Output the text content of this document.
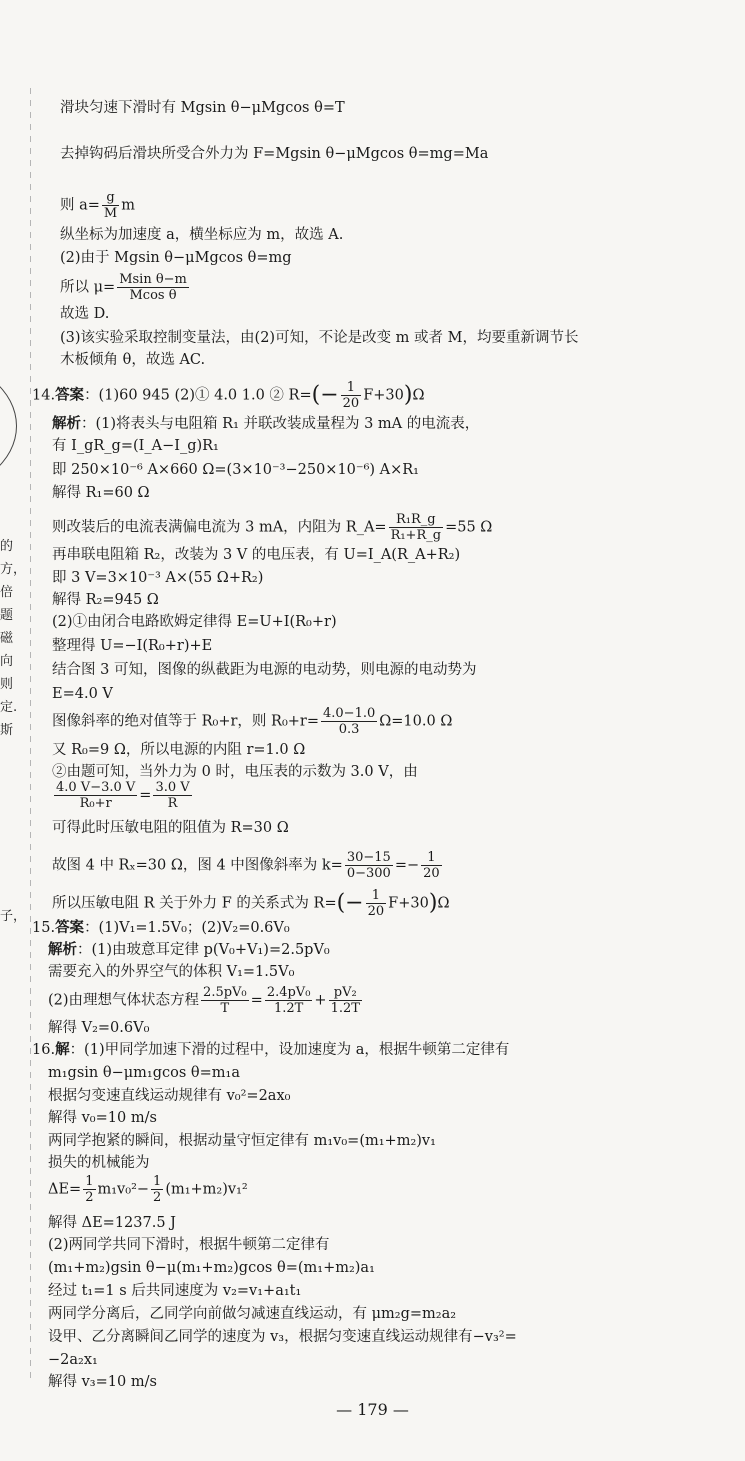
的方，倍题磁向则定.斯
子，
滑块匀速下滑时有 Mgsin θ−μMgcos θ=T
去掉钩码后滑块所受合外力为 F=Mgsin θ−μMgcos θ=mg=Ma
则 $a= \frac{g}{M}$ m
纵坐标为加速度 a，横坐标应为 m，故选 A.
(2)由于 Mgsin θ−μMgcos θ=mg
所以 $\mu= \frac{\text{Msin θ−m}}{\text{Mcos θ}}$
故选 D.
(3)该实验采取控制变量法，由(2)可知，不论是改变 m 或者 M，均要重新调节长
木板倾角 θ，故选 AC.
14.答案：(1)60 945 (2)① 4.0 1.0 ② $R=(- \frac{1}{20} F+30)\Omega$
解析：(1)将表头与电阻箱 R₁ 并联改装成量程为 3 mA 的电流表，
有 I_gR_g=(I_A−I_g)R₁
即 250×10⁻⁶ A×660 Ω=(3×10⁻³−250×10⁻⁶) A×R₁
解得 R₁=60 Ω
则改装后的电流表满偏电流为 3 mA，内阻为 R_A= $\frac{\text{R₁R\_g}}{\text{R₁+R\_g}} =55$ Ω
再串联电阻箱 R₂，改装为 3 V 的电压表，有 U=I_A(R_A+R₂)
即 3 V=3×10⁻³ A×(55 Ω+R₂)
解得 R₂=945 Ω
(2)①由闭合电路欧姆定律得 E=U+I(R₀+r)
整理得 U=−I(R₀+r)+E
结合图 3 可知，图像的纵截距为电源的电动势，则电源的电动势为
E=4.0 V
图像斜率的绝对值等于 R₀+r，则 $R_0+r= \frac{4.0-1.0}{0.3} \Omega=10.0$ Ω
又 R₀=9 Ω，所以电源的内阻 r=1.0 Ω
②由题可知，当外力为 0 时，电压表的示数为 3.0 V，由
$\frac{4.0 V-3.0 V}{\text{R₀+r}} = \frac{3.0 V}{R}$
可得此时压敏电阻的阻值为 R=30 Ω
故图 4 中 Rₓ=30 Ω，图 4 中图像斜率为 $k= \frac{30-15}{0-300} =- \frac{1}{20}$
所以压敏电阻 R 关于外力 F 的关系式为 $R=(- \frac{1}{20} F+30)\Omega$
15.答案：(1)V₁=1.5V₀；(2)V₂=0.6V₀
解析：(1)由玻意耳定律 p(V₀+V₁)=2.5pV₀
需要充入的外界空气的体积 V₁=1.5V₀
(2)由理想气体状态方程 $\frac{\text{2.5pV₀}}{T} = \frac{\text{2.4pV₀}}{1.2T} + \frac{\text{pV₂}}{1.2T}$
解得 V₂=0.6V₀
16.解：(1)甲同学加速下滑的过程中，设加速度为 a，根据牛顿第二定律有
m₁gsin θ−μm₁gcos θ=m₁a
根据匀变速直线运动规律有 v₀²=2ax₀
解得 v₀=10 m/s
两同学抱紧的瞬间，根据动量守恒定律有 m₁v₀=(m₁+m₂)v₁
损失的机械能为
$\Delta E= \frac{1}{2} m_1v_0^2- \frac{1}{2} (m_1+m_2)v_1^2$
解得 ΔE=1237.5 J
(2)两同学共同下滑时，根据牛顿第二定律有
(m₁+m₂)gsin θ−μ(m₁+m₂)gcos θ=(m₁+m₂)a₁
经过 t₁=1 s 后共同速度为 v₂=v₁+a₁t₁
两同学分离后，乙同学向前做匀减速直线运动，有 μm₂g=m₂a₂
设甲、乙分离瞬间乙同学的速度为 v₃，根据匀变速直线运动规律有−v₃²=
−2a₂x₁
解得 v₃=10 m/s
— 179 —
